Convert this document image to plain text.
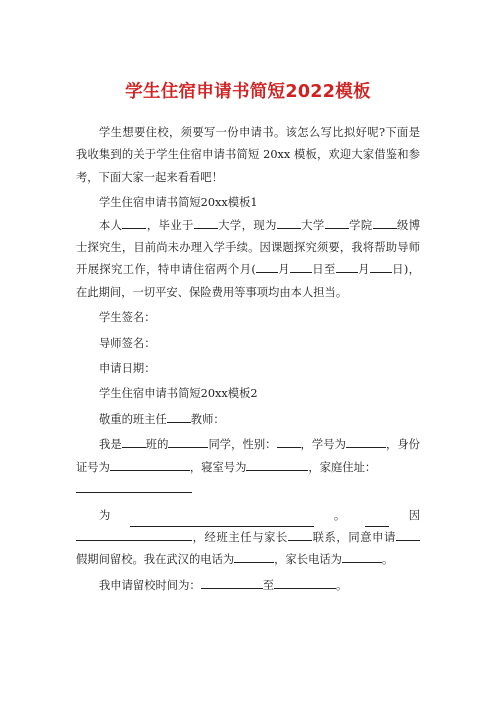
学生住宿申请书简短2022模板

学生想要住校，须要写一份申请书。该怎么写比拟好呢?下面是我收集到的关于学生住宿申请书简短 20xx 模板，欢迎大家借鉴和参考，下面大家一起来看看吧！

学生住宿申请书简短20xx模板1

本人 ，毕业于 大学，现为 大学 学院 级博士探究生，目前尚未办理入学手续。因课题探究须要，我将帮助导师开展探究工作，特申请住宿两个月( 月 日至 月 日)，在此期间，一切平安、保险费用等事项均由本人担当。

学生签名：

导师签名：

申请日期：

学生住宿申请书简短20xx模板2

敬重的班主任 教师：

我是 班的	同学，性别： ，学号为	，身份证号为	，寝室号为	，家庭住址：

为	。	因

，经班主任与家长 联系，同意申请假期间留校。我在武汉的电话为	，家长电话为	。

我申请留校时间为：	至	。
